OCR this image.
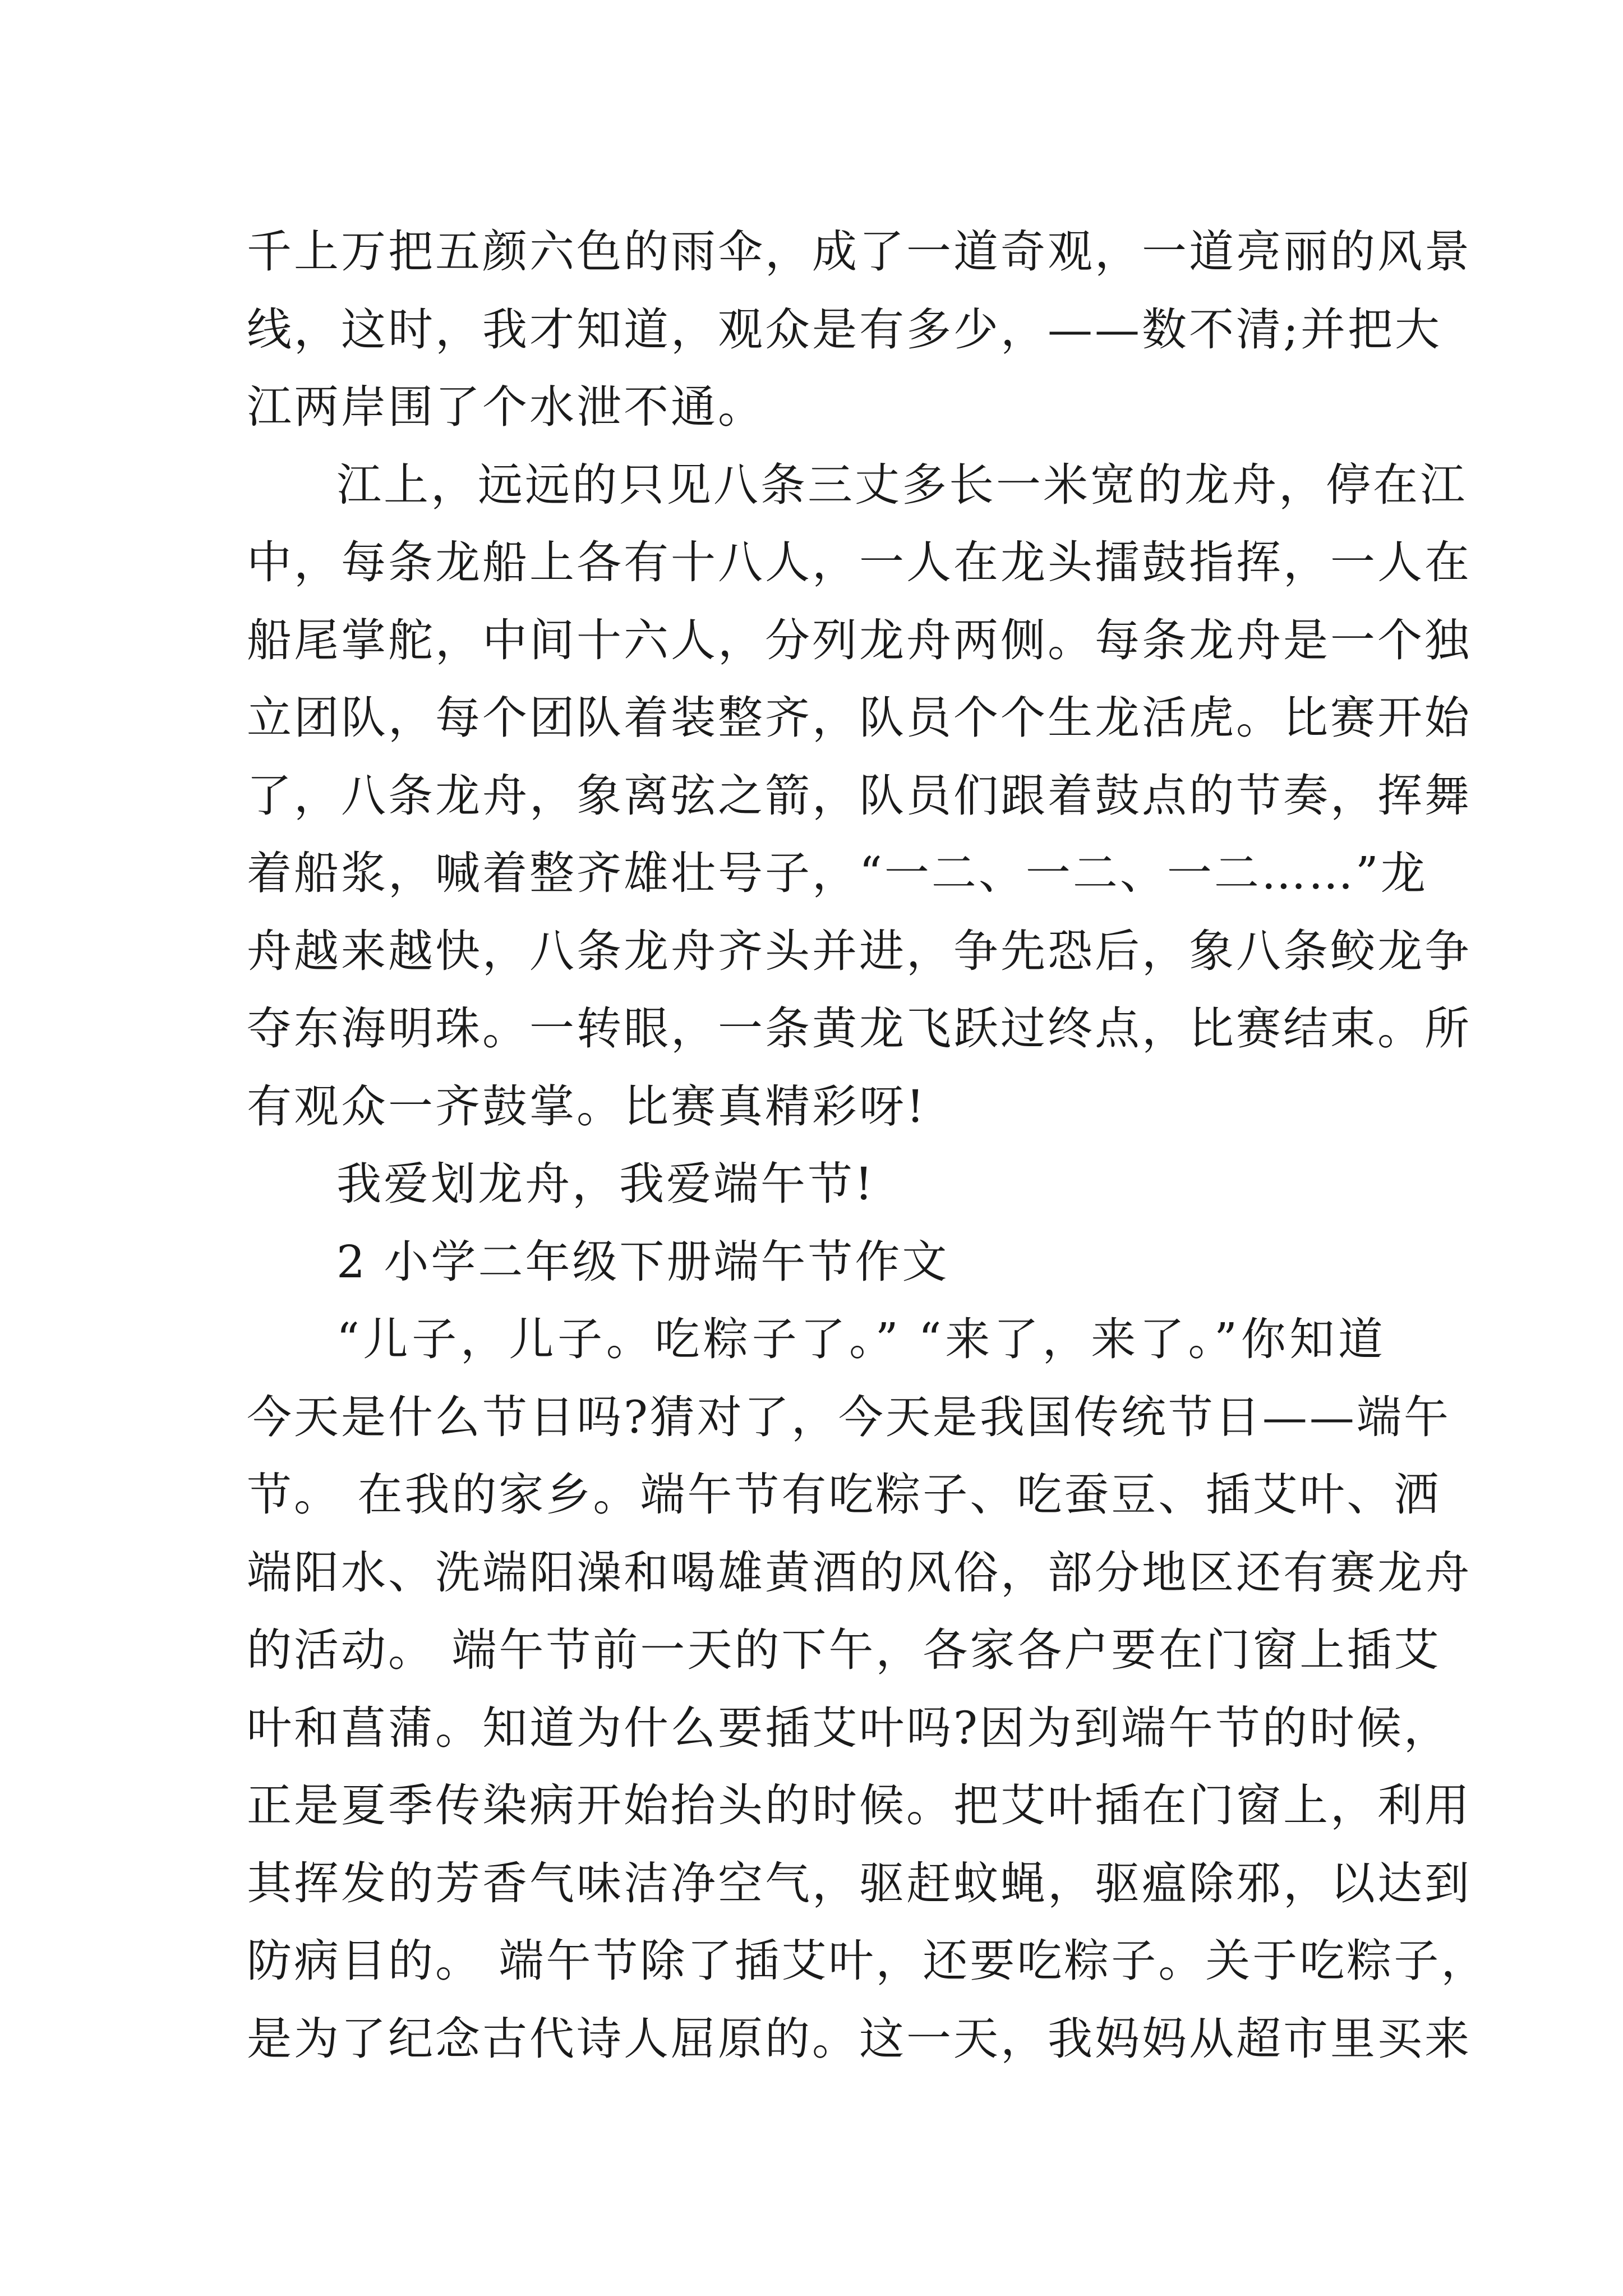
千上万把五颜六色的雨伞，成了一道奇观，一道亮丽的风景
线，这时，我才知道，观众是有多少，——数不清;并把大
江两岸围了个水泄不通。
江上，远远的只见八条三丈多长一米宽的龙舟，停在江
中，每条龙船上各有十八人，一人在龙头擂鼓指挥，一人在
船尾掌舵，中间十六人，分列龙舟两侧。每条龙舟是一个独
立团队，每个团队着装整齐，队员个个生龙活虎。比赛开始
了，八条龙舟，象离弦之箭，队员们跟着鼓点的节奏，挥舞
着船浆，喊着整齐雄壮号子，“一二、一二、一二……”龙
舟越来越快，八条龙舟齐头并进，争先恐后，象八条鲛龙争
夺东海明珠。一转眼，一条黄龙飞跃过终点，比赛结束。所
有观众一齐鼓掌。比赛真精彩呀!
我爱划龙舟，我爱端午节!
2 小学二年级下册端午节作文
“儿子，儿子。吃粽子了。” “来了，来了。”你知道
今天是什么节日吗?猜对了，今天是我国传统节日——端午
节。 在我的家乡。端午节有吃粽子、吃蚕豆、插艾叶、洒
端阳水、洗端阳澡和喝雄黄酒的风俗，部分地区还有赛龙舟
的活动。 端午节前一天的下午，各家各户要在门窗上插艾
叶和菖蒲。知道为什么要插艾叶吗?因为到端午节的时候，
正是夏季传染病开始抬头的时候。把艾叶插在门窗上，利用
其挥发的芳香气味洁净空气，驱赶蚊蝇，驱瘟除邪，以达到
防病目的。 端午节除了插艾叶，还要吃粽子。关于吃粽子，
是为了纪念古代诗人屈原的。这一天，我妈妈从超市里买来
